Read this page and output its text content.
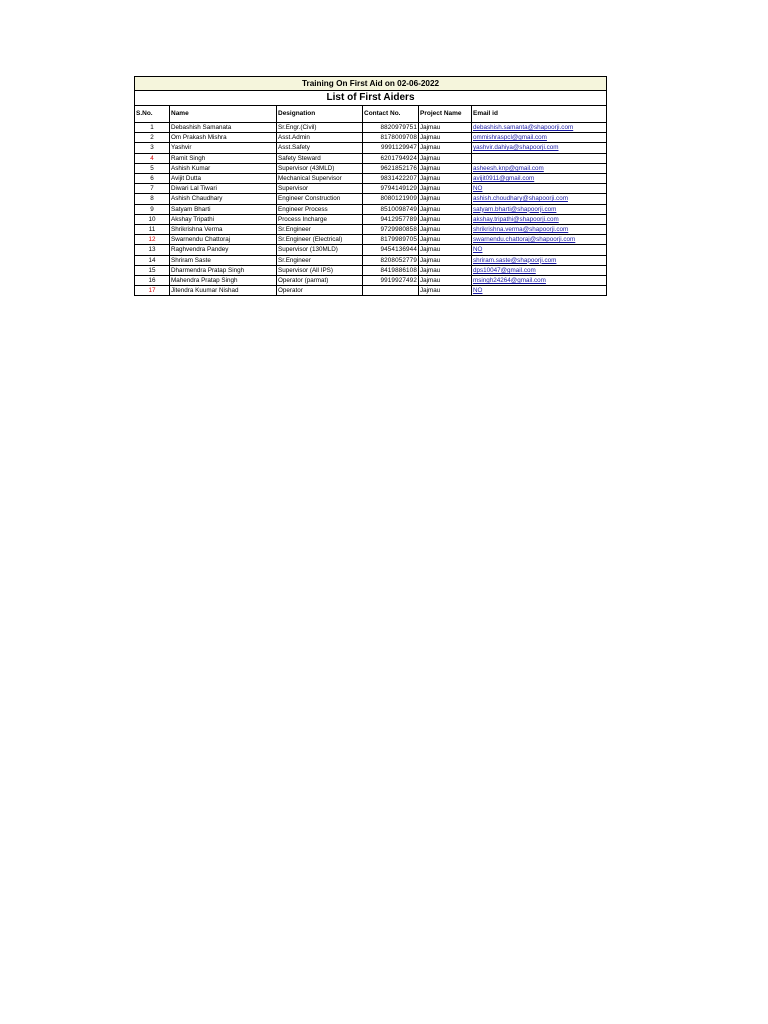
Training On First Aid on 02-06-2022					
List of First Aiders					
S.No.	Name	Designation	Contact No.	Project Name	Email id
1	Debashish Samanata	Sr.Engr.(Civil)	8820979751	Jajmau	debashish.samanta@shapoorji.com
2	Om Prakash Mishra	Asst.Admin	8178009708	Jajmau	ommishraspcl@gmail.com
3	Yashvir	Asst.Safety	9991129947	Jajmau	yashvir.dahiya@shapoorji.com
4	Ramit Singh	Safety Steward	6201794924	Jajmau	
5	Ashish Kumar	Supervisor (43MLD)	9621852176	Jajmau	asheesh.knp@gmail.com
6	Avijit Dutta	Mechanical Supervisor	9831422207	Jajmau	avijit0911@gmail.com
7	Diwari Lal Tiwari	Supervisor	9794149129	Jajmau	NO
8	Ashish Chaudhary	Engineer Construction	8080121909	Jajmau	ashish.choudhary@shapoorji.com
9	Satyam Bharti	Engineer Process	8510098749	Jajmau	satyam.bharti@shapoorji.com
10	Akshay Tripathi	Process Incharge	9412957789	Jajmau	akshay.tripathi@shapoorji.com
11	Shrikrishna Verma	Sr.Engineer	9729980858	Jajmau	shrikrishna.verma@shapoorji.com
12	Swarnendu Chattoraj	Sr.Engineer (Electrical)	8179989705	Jajmau	swarnendu.chattoraj@shapoorji.com
13	Raghvendra Pandey	Supervisor (130MLD)	9454136944	Jajmau	NO
14	Shriram Saste	Sr.Engineer	8208052779	Jajmau	shriram.saste@shapoorji.com
15	Dharmendra Pratap Singh	Supervisor (All IPS)	8419886108	Jajmau	dps10047@gmail.com
16	Mahendra Pratap Singh	Operator (parmat)	9919927492	Jajmau	msingh24264@gmail.com
17	Jitendra Kuumar Nishad	Operator		Jajmau	NO
